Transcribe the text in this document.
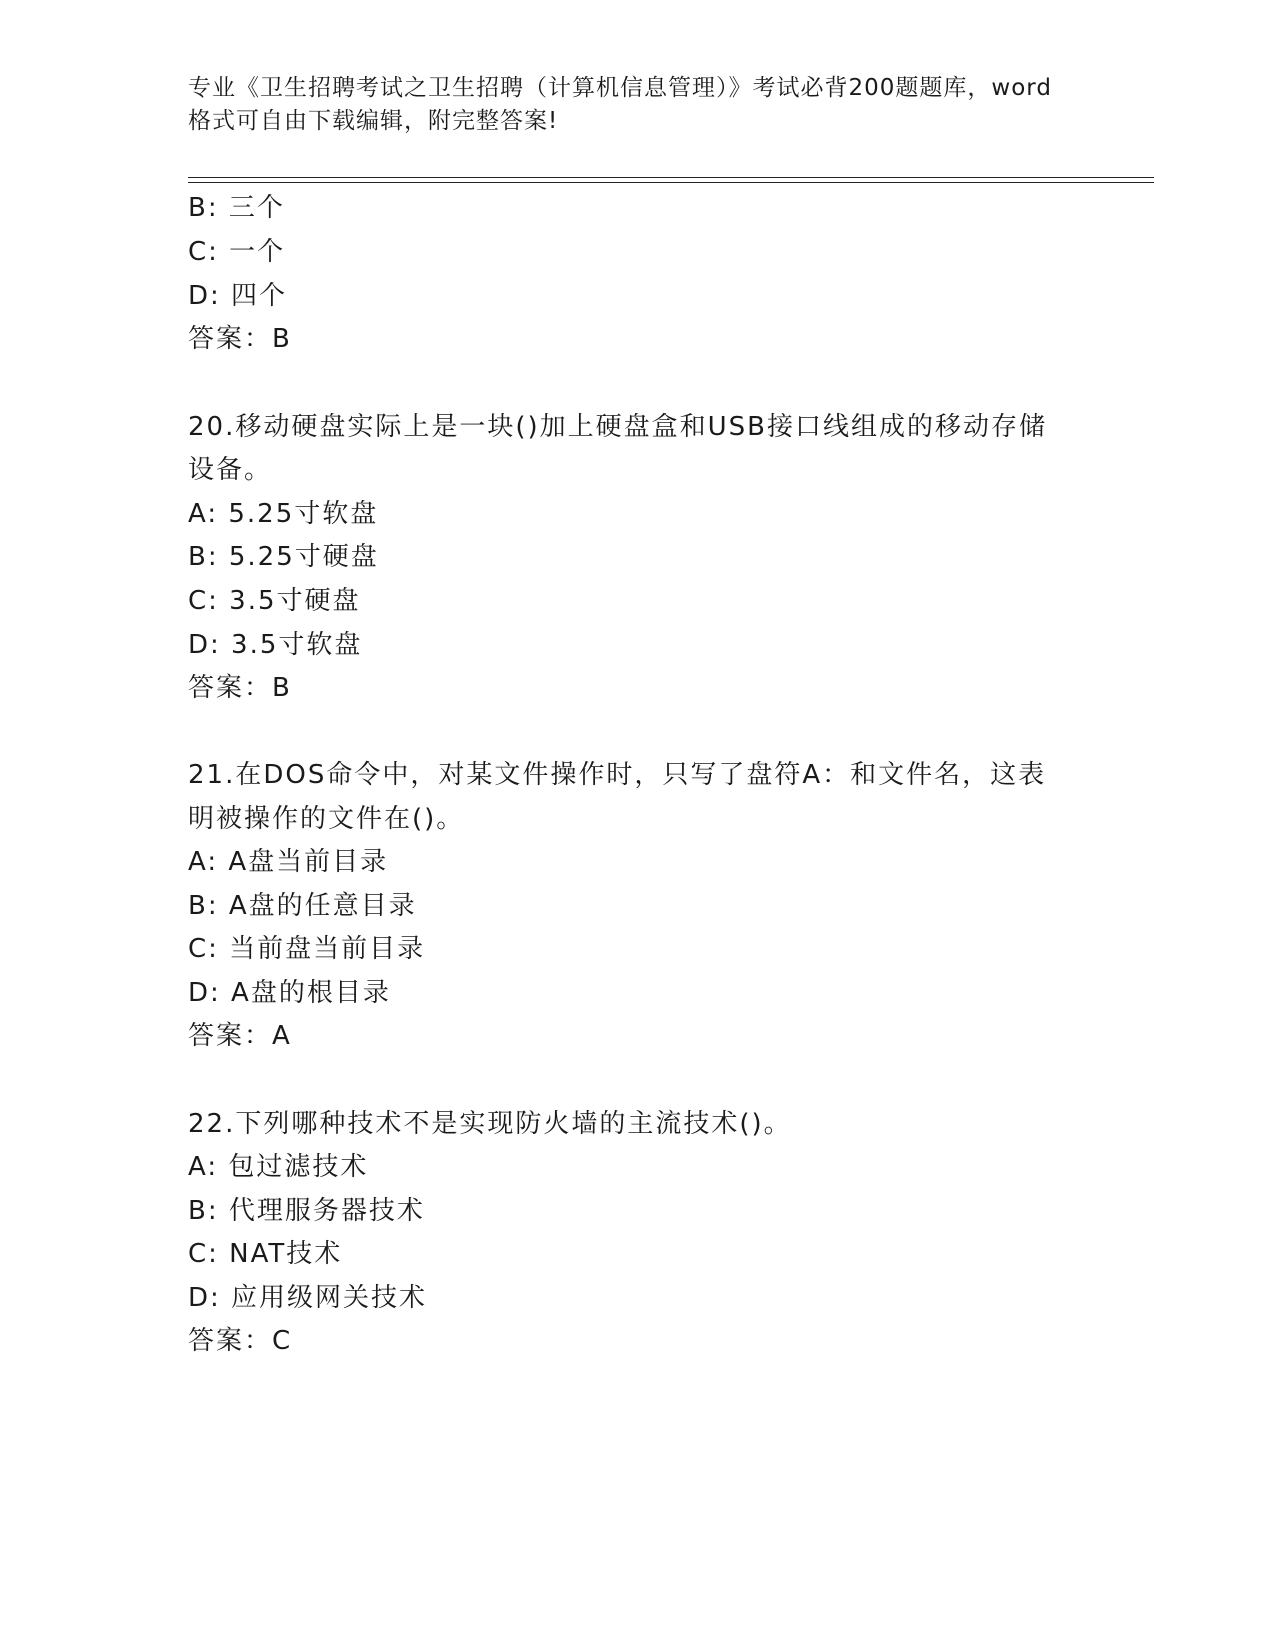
专业《卫生招聘考试之卫生招聘（计算机信息管理）》考试必背200题题库，word
格式可自由下载编辑，附完整答案!
B: 三个
C: 一个
D: 四个
答案：B
20.移动硬盘实际上是一块()加上硬盘盒和USB接口线组成的移动存储
设备。
A: 5.25寸软盘
B: 5.25寸硬盘
C: 3.5寸硬盘
D: 3.5寸软盘
答案：B
21.在DOS命令中，对某文件操作时，只写了盘符A：和文件名，这表
明被操作的文件在()。
A: A盘当前目录
B: A盘的任意目录
C: 当前盘当前目录
D: A盘的根目录
答案：A
22.下列哪种技术不是实现防火墙的主流技术()。
A: 包过滤技术
B: 代理服务器技术
C: NAT技术
D: 应用级网关技术
答案：C
